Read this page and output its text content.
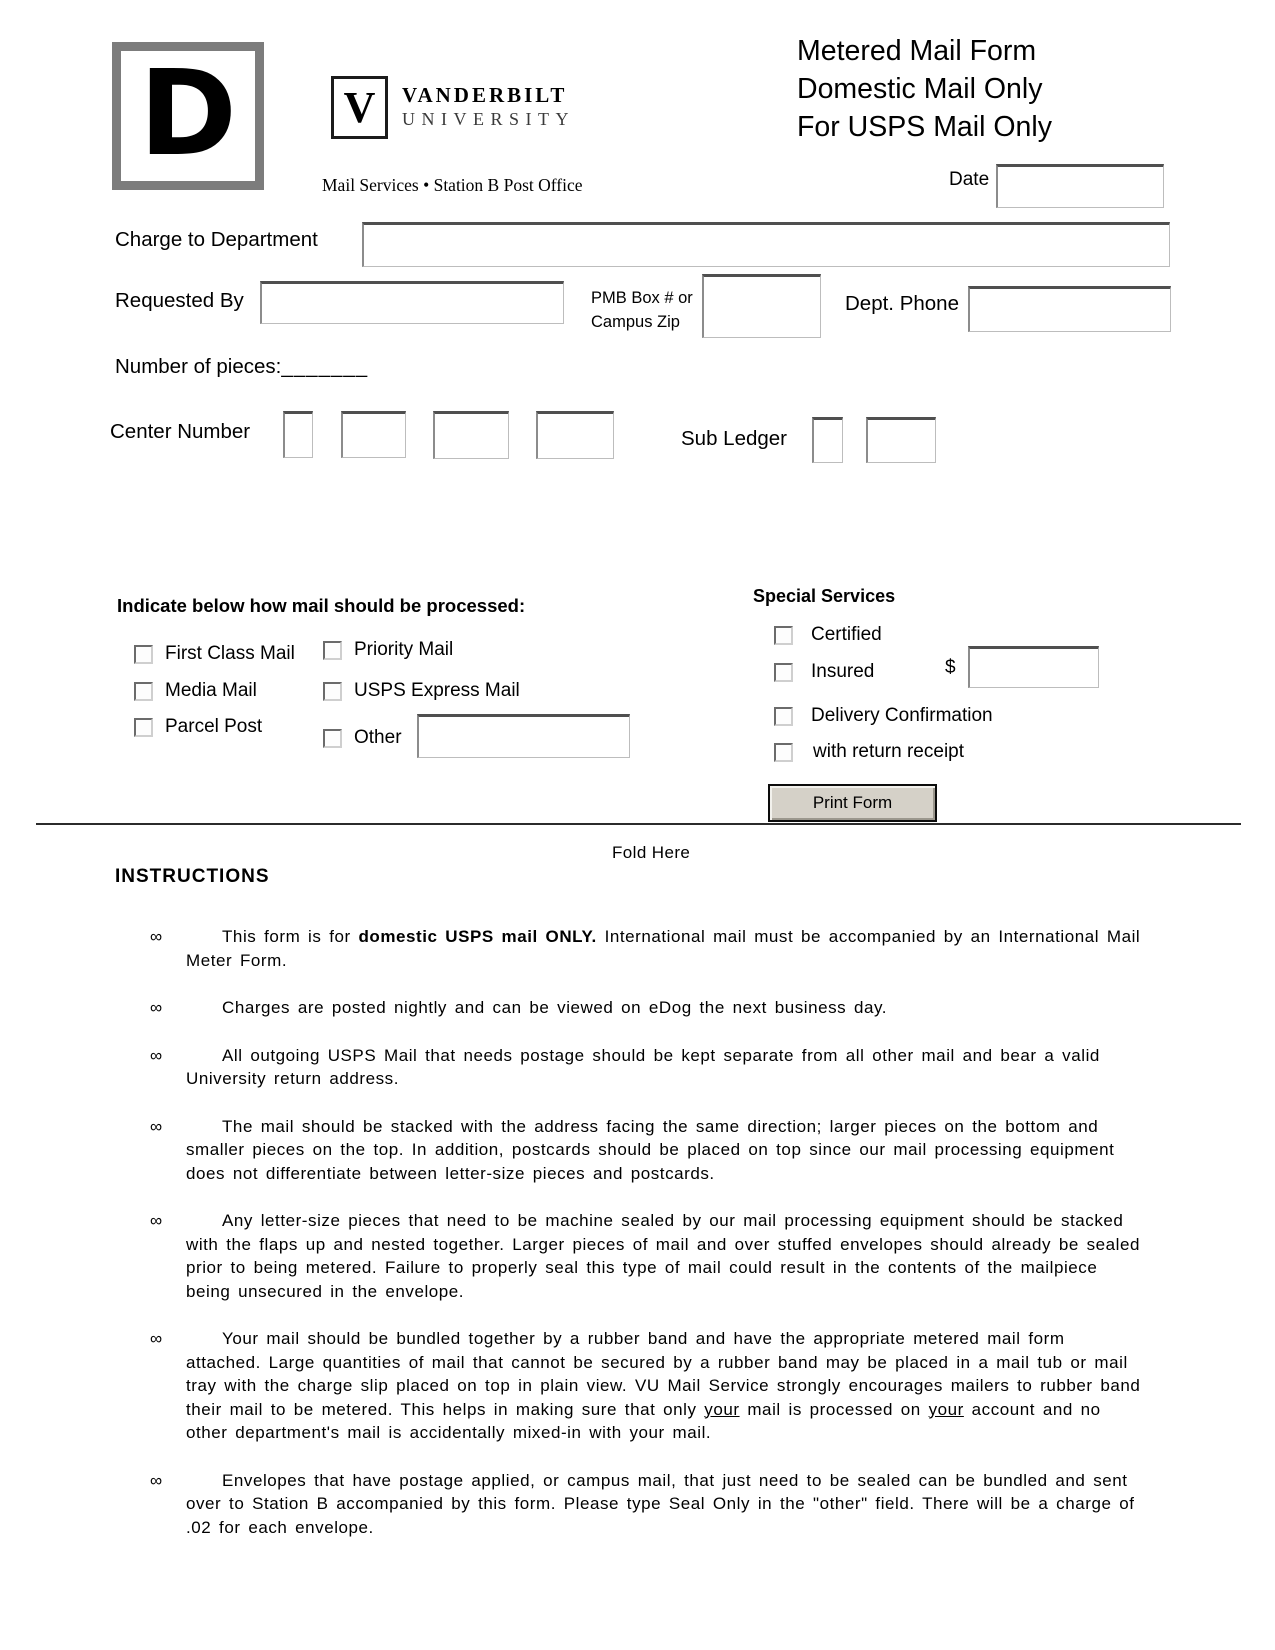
D V VANDERBILT
UNIVERSITY
Mail Services • Station B Post Office
Metered Mail Form
Domestic Mail Only
For USPS Mail Only
Date
Charge to Department
Requested By	PMB Box # or
Campus Zip
Dept. Phone
Number of pieces:_______
Center Number	Sub Ledger
Indicate below how mail should be processed:
First Class Mail
Media Mail
Parcel Post
Priority Mail
USPS Express Mail
Other
Special Services
Certified
Insured	$
Delivery Confirmation
with return receipt
Print Form
Fold Here
INSTRUCTIONS
∞	This form is for domestic USPS mail ONLY. International mail must be accompanied by an International Mail Meter Form.

∞	Charges are posted nightly and can be viewed on eDog the next business day.

∞	All outgoing USPS Mail that needs postage should be kept separate from all other mail and bear a valid University return address.

∞	The mail should be stacked with the address facing the same direction; larger pieces on the bottom and smaller pieces on the top. In addition, postcards should be placed on top since our mail processing equipment does not differentiate between letter-size pieces and postcards.

∞	Any letter-size pieces that need to be machine sealed by our mail processing equipment should be stacked with the flaps up and nested together. Larger pieces of mail and over stuffed envelopes should already be sealed prior to being metered. Failure to properly seal this type of mail could result in the contents of the mailpiece being unsecured in the envelope.

∞	Your mail should be bundled together by a rubber band and have the appropriate metered mail form attached. Large quantities of mail that cannot be secured by a rubber band may be placed in a mail tub or mail tray with the charge slip placed on top in plain view. VU Mail Service strongly encourages mailers to rubber band their mail to be metered. This helps in making sure that only your mail is processed on your account and no other department's mail is accidentally mixed-in with your mail.

∞	Envelopes that have postage applied, or campus mail, that just need to be sealed can be bundled and sent over to Station B accompanied by this form. Please type Seal Only in the "other" field. There will be a charge of .02 for each envelope.
